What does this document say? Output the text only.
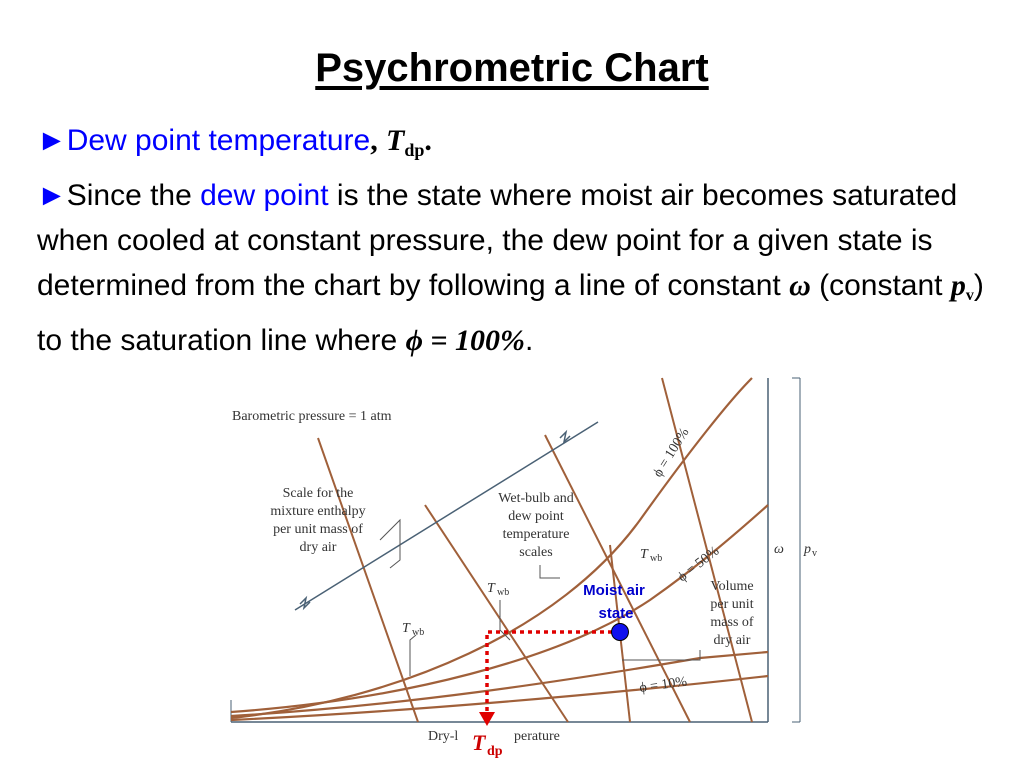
Psychrometric Chart
►Dew point temperature, $T_{dp}$.
►Since the dew point is the state where moist air becomes saturated when cooled at constant pressure, the dew point for a given state is determined from the chart by following a line of constant ω (constant pv) to the saturation line where ϕ = 100%.
Barometric pressure = 1 atm
Scale for the
mixture enthalpy
per unit mass of
dry air
Wet-bulb and
dew point
temperature
scales	T wb
T wb
T wb
ϕ = 100%
ϕ = 50%
ϕ = 10%
Volume
per unit
mass of
dry air
ω p v
Dry-l	perature
Moist air
state
T dp
